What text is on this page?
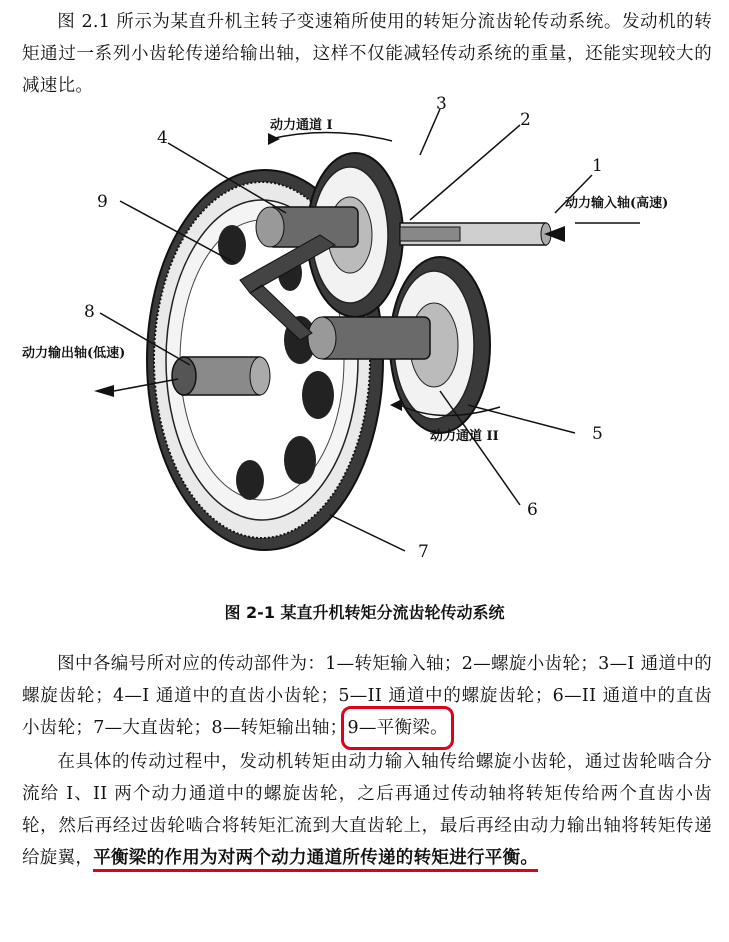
图 2.1 所示为某直升机主转子变速箱所使用的转矩分流齿轮传动系统。发动机的转矩通过一系列小齿轮传递给输出轴，这样不仅能减轻传动系统的重量，还能实现较大的减速比。

3
2
1
4
9
8
5
6
7
动力通道 I
动力通道 II
动力输入轴(高速)
动力输出轴(低速)
图 2-1 某直升机转矩分流齿轮传动系统

图中各编号所对应的传动部件为：1—转矩输入轴；2—螺旋小齿轮；3—I 通道中的螺旋齿轮；4—I 通道中的直齿小齿轮；5—II 通道中的螺旋齿轮；6—II 通道中的直齿小齿轮；7—大直齿轮；8—转矩输出轴；9—平衡梁。

在具体的传动过程中，发动机转矩由动力输入轴传给螺旋小齿轮，通过齿轮啮合分流给 I、II 两个动力通道中的螺旋齿轮，之后再通过传动轴将转矩传给两个直齿小齿轮，然后再经过齿轮啮合将转矩汇流到大直齿轮上，最后再经由动力输出轴将转矩传递给旋翼，平衡梁的作用为对两个动力通道所传递的转矩进行平衡。
